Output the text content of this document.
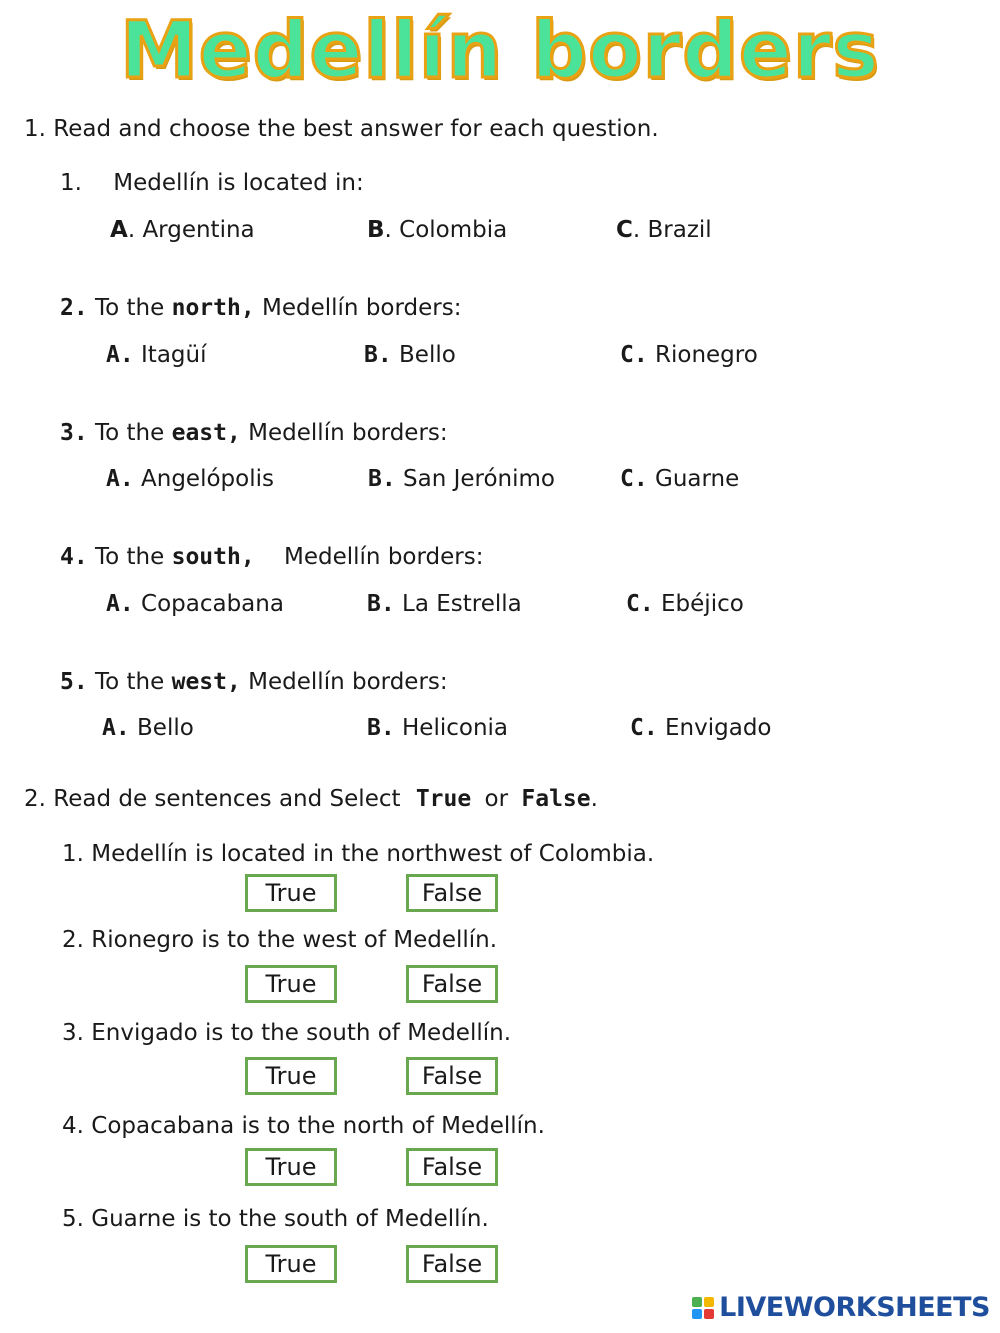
Medellín borders
1. Read and choose the best answer for each question.
1. Medellín is located in:
A. Argentina	B. Colombia	C. Brazil
2. To the north, Medellín borders:
A. Itagüí	B. Bello	C. Rionegro
3. To the east, Medellín borders:
A. Angelópolis	B. San Jerónimo	C. Guarne
4. To the south, Medellín borders:
A. Copacabana	B. La Estrella	C. Ebéjico
5. To the west, Medellín borders:
A. Bello	B. Heliconia	C. Envigado
2. Read de sentences and Select True or False.
1. Medellín is located in the northwest of Colombia.
True	False
2. Rionegro is to the west of Medellín.
True	False
3. Envigado is to the south of Medellín.
True	False
4. Copacabana is to the north of Medellín.
True	False
5. Guarne is to the south of Medellín.
True	False
LIVEWORKSHEETS
